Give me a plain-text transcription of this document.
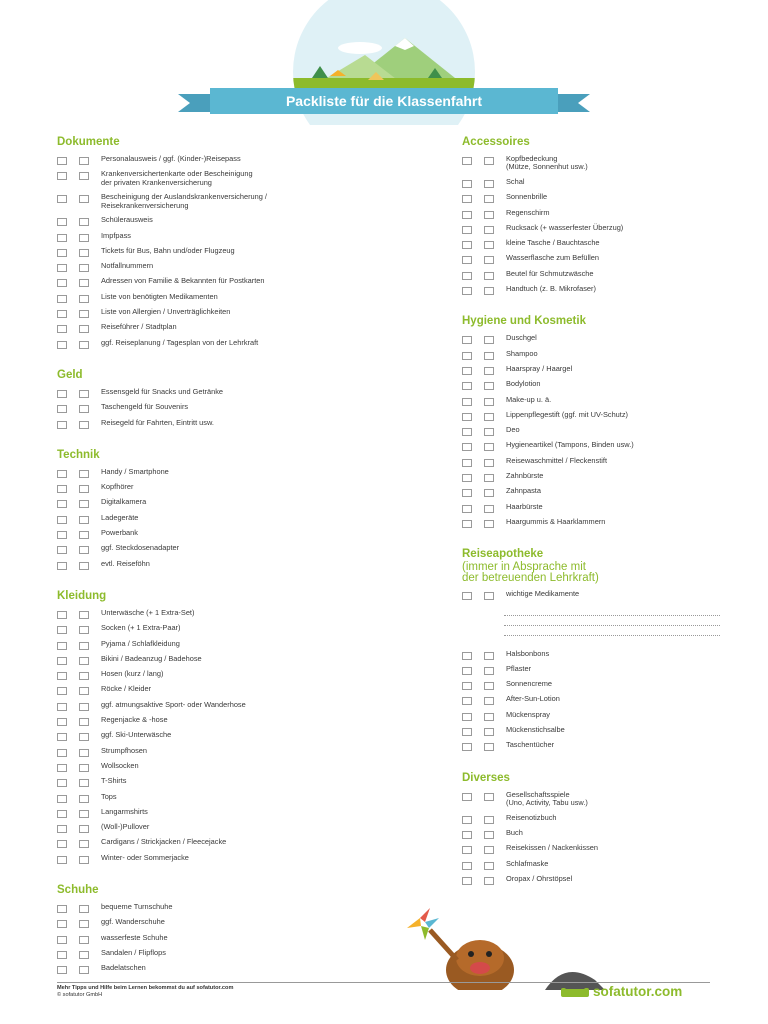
Packliste für die Klassenfahrt
Dokumente
Personalausweis / ggf. (Kinder-)Reisepass
Krankenversichertenkarte oder Bescheinigung
der privaten Krankenversicherung
Bescheinigung der Auslandskrankenversicherung /
Reisekrankenversicherung
Schülerausweis
Impfpass
Tickets für Bus, Bahn und/oder Flugzeug
Notfallnummern
Adressen von Familie & Bekannten für Postkarten
Liste von benötigten Medikamenten
Liste von Allergien / Unverträglichkeiten
Reiseführer / Stadtplan
ggf. Reiseplanung / Tagesplan von der Lehrkraft
Geld
Essensgeld für Snacks und Getränke
Taschengeld für Souvenirs
Reisegeld für Fahrten, Eintritt usw.
Technik
Handy / Smartphone
Kopfhörer
Digitalkamera
Ladegeräte
Powerbank
ggf. Steckdosenadapter
evtl. Reiseföhn
Kleidung
Unterwäsche (+ 1 Extra-Set)
Socken (+ 1 Extra-Paar)
Pyjama / Schlafkleidung
Bikini / Badeanzug / Badehose
Hosen (kurz / lang)
Röcke / Kleider
ggf. atmungsaktive Sport- oder Wanderhose
Regenjacke & -hose
ggf. Ski-Unterwäsche
Strumpfhosen
Wollsocken
T-Shirts
Tops
Langarmshirts
(Woll-)Pullover
Cardigans / Strickjacken / Fleecejacke
Winter- oder Sommerjacke
Schuhe
bequeme Turnschuhe
ggf. Wanderschuhe
wasserfeste Schuhe
Sandalen / Flipflops
Badelatschen
Accessoires
Kopfbedeckung
(Mütze, Sonnenhut usw.)
Schal
Sonnenbrille
Regenschirm
Rucksack (+ wasserfester Überzug)
kleine Tasche / Bauchtasche
Wasserflasche zum Befüllen
Beutel für Schmutzwäsche
Handtuch (z. B. Mikrofaser)
Hygiene und Kosmetik
Duschgel
Shampoo
Haarspray / Haargel
Bodylotion
Make-up u. ä.
Lippenpflegestift (ggf. mit UV-Schutz)
Deo
Hygieneartikel (Tampons, Binden usw.)
Reisewaschmittel / Fleckenstift
Zahnbürste
Zahnpasta
Haarbürste
Haargummis & Haarklammern
Reiseapotheke
(immer in Absprache mit
der betreuenden Lehrkraft)
wichtige Medikamente
Halsbonbons
Pflaster
Sonnencreme
After-Sun-Lotion
Mückenspray
Mückenstichsalbe
Taschentücher
Diverses
Gesellschaftsspiele
(Uno, Activity, Tabu usw.)
Reisenotizbuch
Buch
Reisekissen / Nackenkissen
Schlafmaske
Oropax / Ohrstöpsel
Mehr Tipps und Hilfe beim Lernen bekommst du auf sofatutor.com
© sofatutor GmbH	sofatutor.com
